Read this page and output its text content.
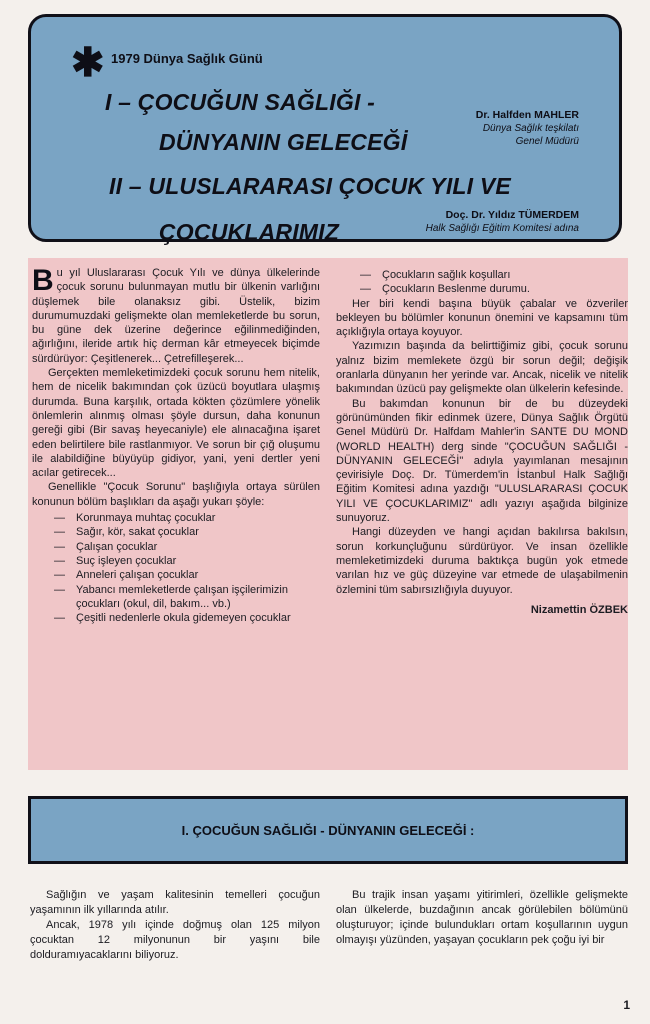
✱ 1979 Dünya Sağlık Günü
I – ÇOCUĞUN SAĞLIĞI -
DÜNYANIN GELECEĞİ
II – ULUSLARARASI ÇOCUK YILI VE
ÇOCUKLARIMIZ
Dr. Halfden MAHLER
Dünya Sağlık teşkilatı
Genel Müdürü
Doç. Dr. Yıldız TÜMERDEM
Halk Sağlığı Eğitim Komitesi adına

Bu yıl Uluslararası Çocuk Yılı ve dünya ülkelerinde çocuk sorunu bulunmayan mutlu bir ülkenin varlığını düşlemek bile olanaksız gibi. Üstelik, bizim durumumuzdaki gelişmekte olan memleketlerde bu sorun, bu güne dek üzerine değerince eğilinmediğinden, ağırlığını, ileride artık hiç derman kâr etmeyecek biçimde sürdürüyor: Çeşitlenerek... Çetrefilleşerek...

Gerçekten memleketimizdeki çocuk sorunu hem nitelik, hem de nicelik bakımından çok üzücü boyutlara ulaşmış durumda. Buna karşılık, ortada kökten çözümlere yönelik önlemlerin alınmış olması şöyle dursun, daha konunun gereği gibi (Bir savaş heyecaniyle) ele alınacağına işaret eden belirtilere bile rastlanmıyor. Ve sorun bir çığ oluşumu ile alabildiğine büyüyüp gidiyor, yani, yeni dertler yeni acılar getirecek...

Genellikle "Çocuk Sorunu" başlığıyla ortaya sürülen konunun bölüm başlıkları da aşağı yukarı şöyle:

— Korunmaya muhtaç çocuklar
— Sağır, kör, sakat çocuklar
— Çalışan çocuklar
— Suç işleyen çocuklar
— Anneleri çalışan çocuklar
— Yabancı memleketlerde çalışan işçilerimizin çocukları (okul, dil, bakım... vb.)
— Çeşitli nedenlerle okula gidemeyen çocuklar
— Çocukların sağlık koşulları
— Çocukların Beslenme durumu.

Her biri kendi başına büyük çabalar ve özveriler bekleyen bu bölümler konunun önemini ve kapsamını tüm açıklığıyla ortaya koyuyor.

Yazımızın başında da belirttiğimiz gibi, çocuk sorunu yalnız bizim memlekete özgü bir sorun değil; değişik oranlarla dünyanın her yerinde var. Ancak, nicelik ve nitelik bakımından üzücü pay gelişmekte olan ülkelerin kefesinde.

Bu bakımdan konunun bir de bu düzeydeki görünümünden fikir edinmek üzere, Dünya Sağlık Örgütü Genel Müdürü Dr. Halfdam Mahler'in SANTE DU MOND (WORLD HEALTH) derg sinde "ÇOCUĞUN SAĞLIĞI - DÜNYANIN GELECEĞİ" adıyla yayımlanan mesajının çevirisiyle Doç. Dr. Tümerdem'in İstanbul Halk Sağlığı Eğitim Komitesi adına yazdığı "ULUSLARARASI ÇOCUK YILI VE ÇOCUKLARIMIZ" adlı yazıyı aşağıda bilginize sunuyoruz.

Hangi düzeyden ve hangi açıdan bakılırsa bakılsın, sorun korkunçluğunu sürdürüyor. Ve insan özellikle memleketimizdeki duruma baktıkça bugün yok etmede varılan hız ve güç düzeyine var etmede de ulaşabilmenin özlemini tüm sabırsızlığıyla duyuyor.

Nizamettin ÖZBEK
I. ÇOCUĞUN SAĞLIĞI - DÜNYANIN GELECEĞİ :

Sağlığın ve yaşam kalitesinin temelleri çocuğun yaşamının ilk yıllarında atılır.

Ancak, 1978 yılı içinde doğmuş olan 125 milyon çocuktan 12 milyonunun bir yaşını bile dolduramıyacaklarını biliyoruz.

Bu trajik insan yaşamı yitirimleri, özellikle gelişmekte olan ülkelerde, buzdağının ancak görülebilen bölümünü oluşturuyor; içinde bulundukları ortam koşullarının uygun olmayışı yüzünden, yaşayan çocukların pek çoğu iyi bir

1
